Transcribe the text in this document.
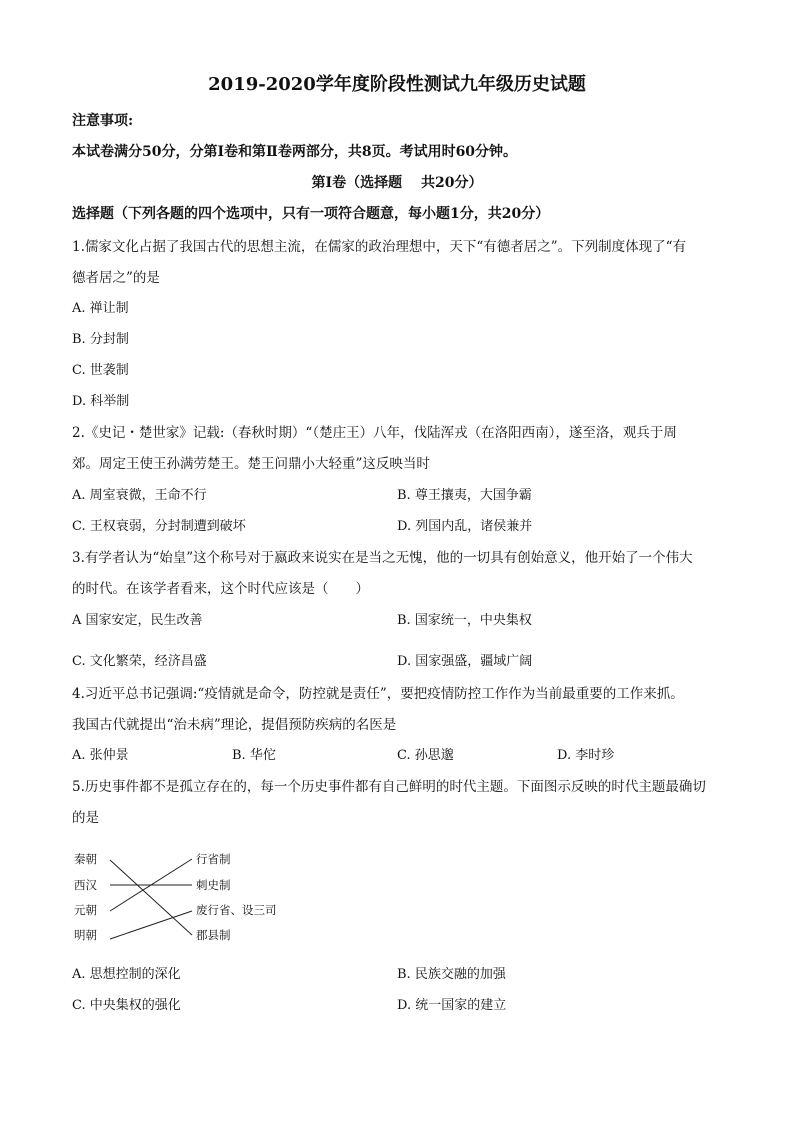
2019-2020学年度阶段性测试九年级历史试题
注意事项:
本试卷满分50分，分第Ⅰ卷和第Ⅱ卷两部分，共8页。考试用时60分钟。
第Ⅰ卷（选择题　 共20分）
选择题（下列各题的四个选项中，只有一项符合题意，每小题1分，共20分）
1.儒家文化占据了我国古代的思想主流，在儒家的政治理想中，天下“有德者居之”。下列制度体现了“有
德者居之”的是
A. 禅让制
B. 分封制
C. 世袭制
D. 科举制
2.《史记・楚世家》记载:（春秋时期）“（楚庄王）八年，伐陆浑戎（在洛阳西南），遂至洛，观兵于周
郊。周定王使王孙满劳楚王。楚王问鼎小大轻重”这反映当时
A. 周室衰微，王命不行	B. 尊王攘夷，大国争霸
C. 王权衰弱，分封制遭到破坏	D. 列国内乱，诸侯兼并
3.有学者认为“始皇”这个称号对于嬴政来说实在是当之无愧，他的一切具有创始意义，他开始了一个伟大
的时代。在该学者看来，这个时代应该是（　　）
A 国家安定，民生改善	B. 国家统一，中央集权
C. 文化繁荣，经济昌盛	D. 国家强盛，疆域广阔
4.习近平总书记强调:“疫情就是命令，防控就是责任”，要把疫情防控工作作为当前最重要的工作来抓。
我国古代就提出“治未病”理论，提倡预防疾病的名医是
A. 张仲景	B. 华佗	C. 孙思邈	D. 李时珍
5.历史事件都不是孤立存在的，每一个历史事件都有自己鲜明的时代主题。下面图示反映的时代主题最确切
的是
秦朝
西汉
元朝
明朝
行省制
刺史制
废行省、设三司
郡县制
A. 思想控制的深化	B. 民族交融的加强
C. 中央集权的强化	D. 统一国家的建立
